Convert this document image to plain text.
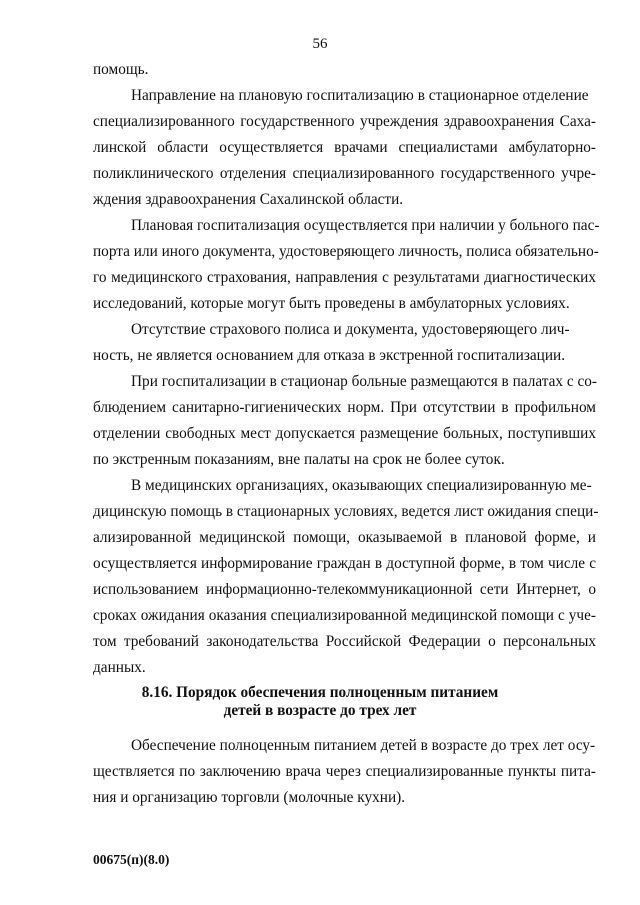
56
помощь.
Направление на плановую госпитализацию в стационарное отделение
специализированного государственного учреждения здравоохранения Саха-
линской области осуществляется врачами специалистами амбулаторно-
поликлинического отделения специализированного государственного учре-
ждения здравоохранения Сахалинской области.
Плановая госпитализация осуществляется при наличии у больного пас-
порта или иного документа, удостоверяющего личность, полиса обязательно-
го медицинского страхования, направления с результатами диагностических
исследований, которые могут быть проведены в амбулаторных условиях.
Отсутствие страхового полиса и документа, удостоверяющего лич-
ность, не является основанием для отказа в экстренной госпитализации.
При госпитализации в стационар больные размещаются в палатах с со-
блюдением санитарно-гигиенических норм. При отсутствии в профильном
отделении свободных мест допускается размещение больных, поступивших
по экстренным показаниям, вне палаты на срок не более суток.
В медицинских организациях, оказывающих специализированную ме-
дицинскую помощь в стационарных условиях, ведется лист ожидания специ-
ализированной медицинской помощи, оказываемой в плановой форме, и
осуществляется информирование граждан в доступной форме, в том числе с
использованием информационно-телекоммуникационной сети Интернет, о
сроках ожидания оказания специализированной медицинской помощи с уче-
том требований законодательства Российской Федерации о персональных
данных.
Обеспечение полноценным питанием детей в возрасте до трех лет осу-
ществляется по заключению врача через специализированные пункты пита-
ния и организацию торговли (молочные кухни).
8.16. Порядок обеспечения полноценным питанием
детей в возрасте до трех лет
00675(п)(8.0)
